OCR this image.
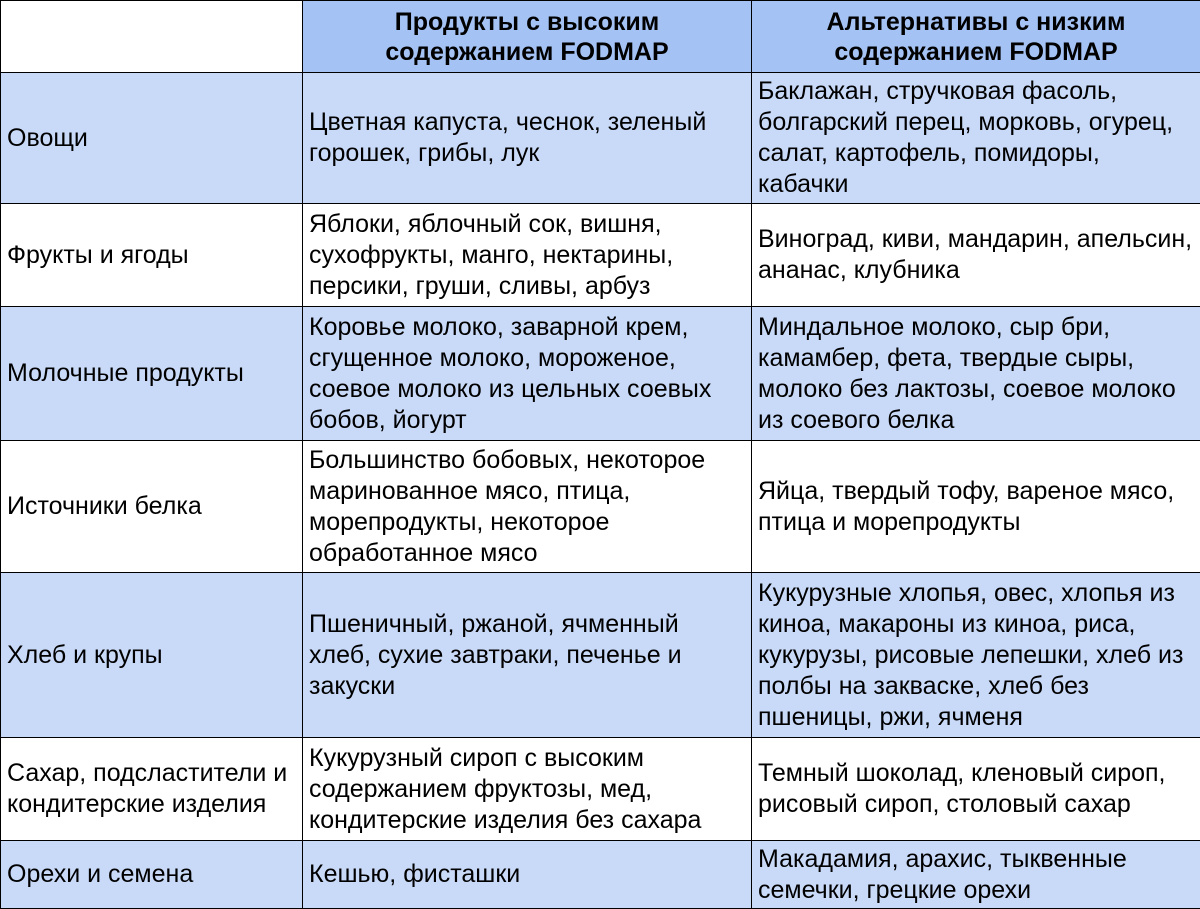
	Продукты с высоким содержанием FODMAP	Альтернативы с низким содержанием FODMAP
Овощи	Цветная капуста, чеснок, зеленый горошек, грибы, лук	Баклажан, стручковая фасоль, болгарский перец, морковь, огурец, салат, картофель, помидоры, кабачки
Фрукты и ягоды	Яблоки, яблочный сок, вишня, сухофрукты, манго, нектарины, персики, груши, сливы, арбуз	Виноград, киви, мандарин, апельсин, ананас, клубника
Молочные продукты	Коровье молоко, заварной крем, сгущенное молоко, мороженое, соевое молоко из цельных соевых бобов, йогурт	Миндальное молоко, сыр бри, камамбер, фета, твердые сыры, молоко без лактозы, соевое молоко из соевого белка
Источники белка	Большинство бобовых, некоторое маринованное мясо, птица, морепродукты, некоторое обработанное мясо	Яйца, твердый тофу, вареное мясо, птица и морепродукты
Хлеб и крупы	Пшеничный, ржаной, ячменный хлеб, сухие завтраки, печенье и закуски	Кукурузные хлопья, овес, хлопья из киноа, макароны из киноа, риса, кукурузы, рисовые лепешки, хлеб из полбы на закваске, хлеб без пшеницы, ржи, ячменя
Сахар, подсластители и кондитерские изделия	Кукурузный сироп с высоким содержанием фруктозы, мед, кондитерские изделия без сахара	Темный шоколад, кленовый сироп, рисовый сироп, столовый сахар
Орехи и семена	Кешью, фисташки	Макадамия, арахис, тыквенные семечки, грецкие орехи
